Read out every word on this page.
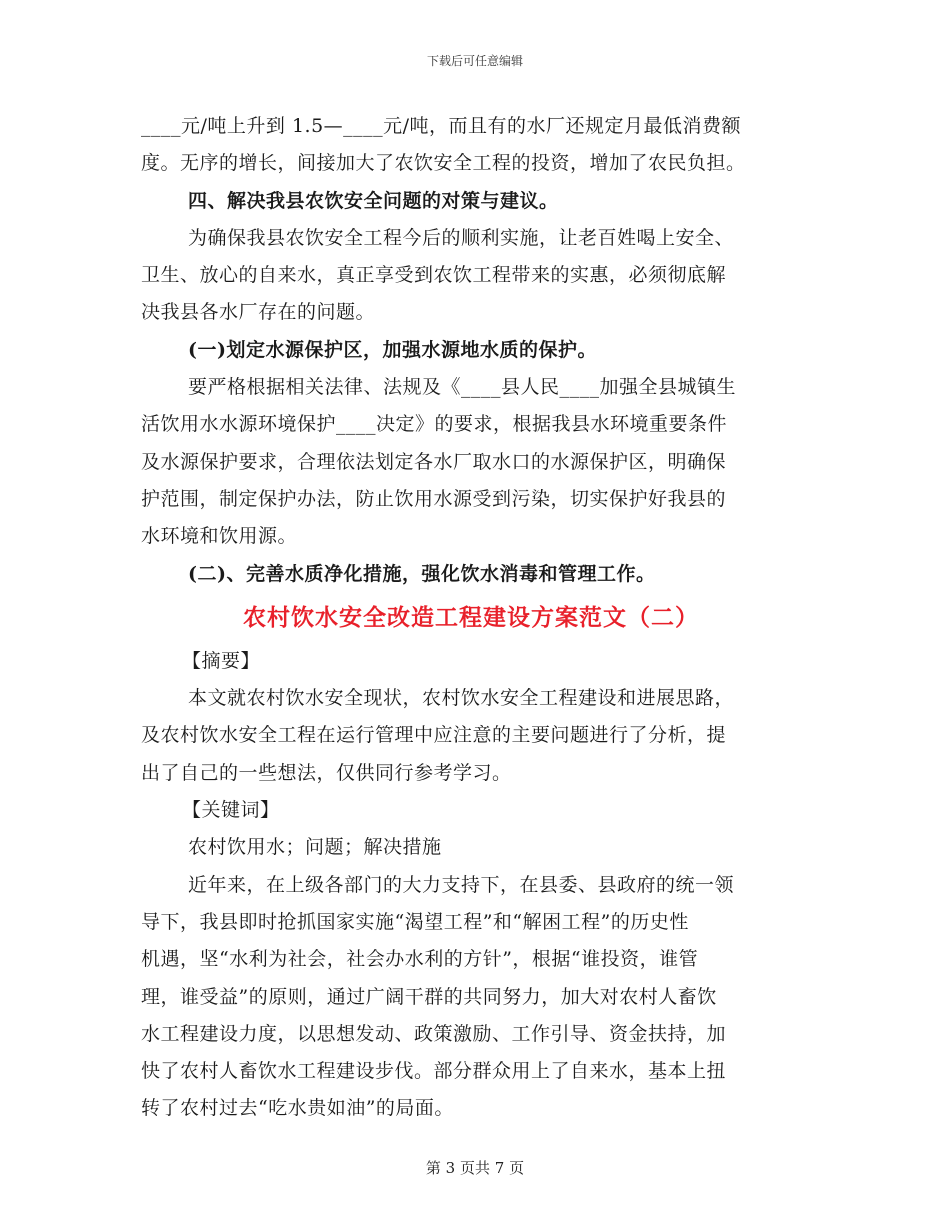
下载后可任意编辑
____元/吨上升到 1.5—____元/吨，而且有的水厂还规定月最低消费额
度。无序的增长，间接加大了农饮安全工程的投资，增加了农民负担。
四、解决我县农饮安全问题的对策与建议。
为确保我县农饮安全工程今后的顺利实施，让老百姓喝上安全、
卫生、放心的自来水，真正享受到农饮工程带来的实惠，必须彻底解
决我县各水厂存在的问题。
(一)划定水源保护区，加强水源地水质的保护。
要严格根据相关法律、法规及《____县人民____加强全县城镇生
活饮用水水源环境保护____决定》的要求，根据我县水环境重要条件
及水源保护要求，合理依法划定各水厂取水口的水源保护区，明确保
护范围，制定保护办法，防止饮用水源受到污染，切实保护好我县的
水环境和饮用源。
(二)、完善水质净化措施，强化饮水消毒和管理工作。
农村饮水安全改造工程建设方案范文（二）
【摘要】
本文就农村饮水安全现状，农村饮水安全工程建设和进展思路，
及农村饮水安全工程在运行管理中应注意的主要问题进行了分析，提
出了自己的一些想法，仅供同行参考学习。
【关键词】
农村饮用水；问题；解决措施
近年来，在上级各部门的大力支持下，在县委、县政府的统一领
导下，我县即时抢抓国家实施“渴望工程”和“解困工程”的历史性
机遇，坚“水利为社会，社会办水利的方针”，根据“谁投资，谁管
理，谁受益”的原则，通过广阔干群的共同努力，加大对农村人畜饮
水工程建设力度，以思想发动、政策激励、工作引导、资金扶持，加
快了农村人畜饮水工程建设步伐。部分群众用上了自来水，基本上扭
转了农村过去“吃水贵如油”的局面。
第 3 页共 7 页
